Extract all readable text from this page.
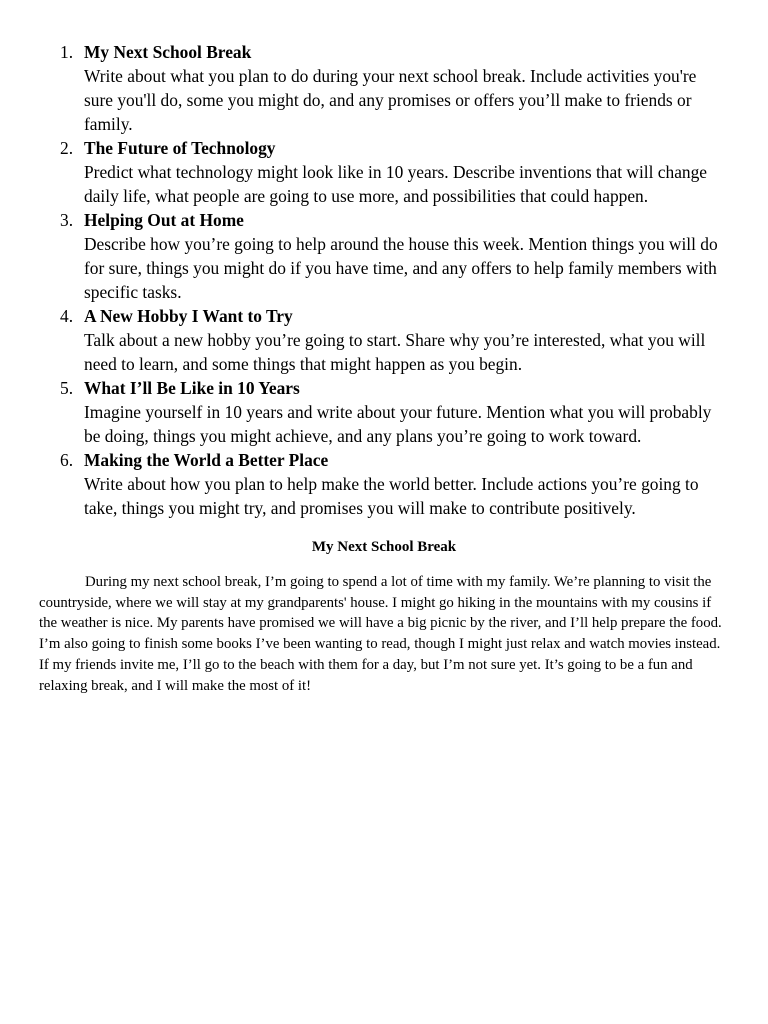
1. My Next School Break
Write about what you plan to do during your next school break. Include activities you're sure you'll do, some you might do, and any promises or offers you’ll make to friends or family.
2. The Future of Technology
Predict what technology might look like in 10 years. Describe inventions that will change daily life, what people are going to use more, and possibilities that could happen.
3. Helping Out at Home
Describe how you’re going to help around the house this week. Mention things you will do for sure, things you might do if you have time, and any offers to help family members with specific tasks.
4. A New Hobby I Want to Try
Talk about a new hobby you’re going to start. Share why you’re interested, what you will need to learn, and some things that might happen as you begin.
5. What I’ll Be Like in 10 Years
Imagine yourself in 10 years and write about your future. Mention what you will probably be doing, things you might achieve, and any plans you’re going to work toward.
6. Making the World a Better Place
Write about how you plan to help make the world better. Include actions you’re going to take, things you might try, and promises you will make to contribute positively.
My Next School Break

During my next school break, I’m going to spend a lot of time with my family. We’re planning to visit the countryside, where we will stay at my grandparents' house. I might go hiking in the mountains with my cousins if the weather is nice. My parents have promised we will have a big picnic by the river, and I’ll help prepare the food. I’m also going to finish some books I’ve been wanting to read, though I might just relax and watch movies instead. If my friends invite me, I’ll go to the beach with them for a day, but I’m not sure yet. It’s going to be a fun and relaxing break, and I will make the most of it!
